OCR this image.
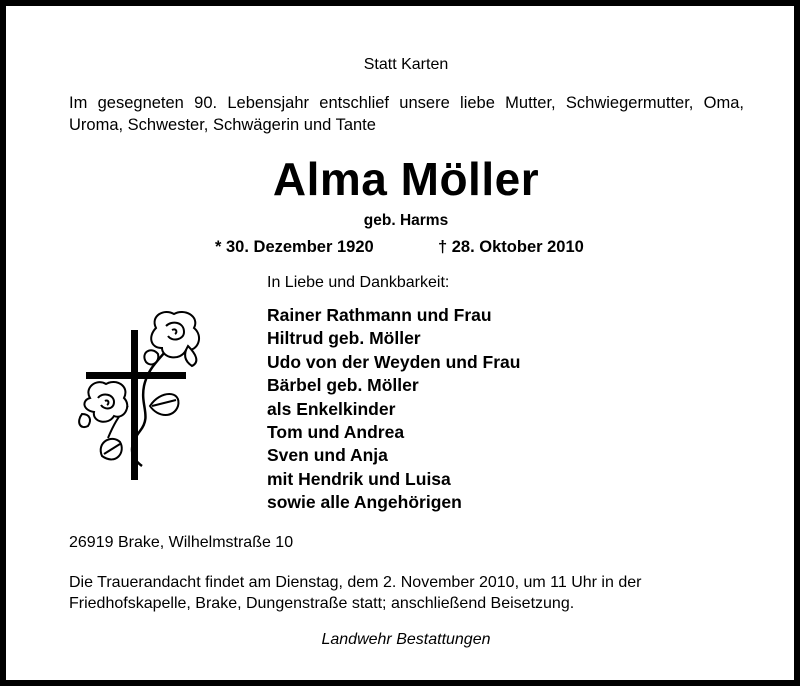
Statt Karten
Im gesegneten 90. Lebensjahr entschlief unsere liebe Mutter, Schwiegermutter, Oma, Uroma, Schwester, Schwägerin und Tante
Alma Möller
geb. Harms
* 30. Dezember 1920	† 28. Oktober 2010
In Liebe und Dankbarkeit:
Rainer Rathmann und Frau
Hiltrud geb. Möller
Udo von der Weyden und Frau
Bärbel geb. Möller
als Enkelkinder
Tom und Andrea
Sven und Anja
mit Hendrik und Luisa
sowie alle Angehörigen
26919 Brake, Wilhelmstraße 10
Die Trauerandacht findet am Dienstag, dem 2. November 2010, um 11 Uhr in der
Friedhofskapelle, Brake, Dungenstraße statt; anschließend Beisetzung.
Landwehr Bestattungen
